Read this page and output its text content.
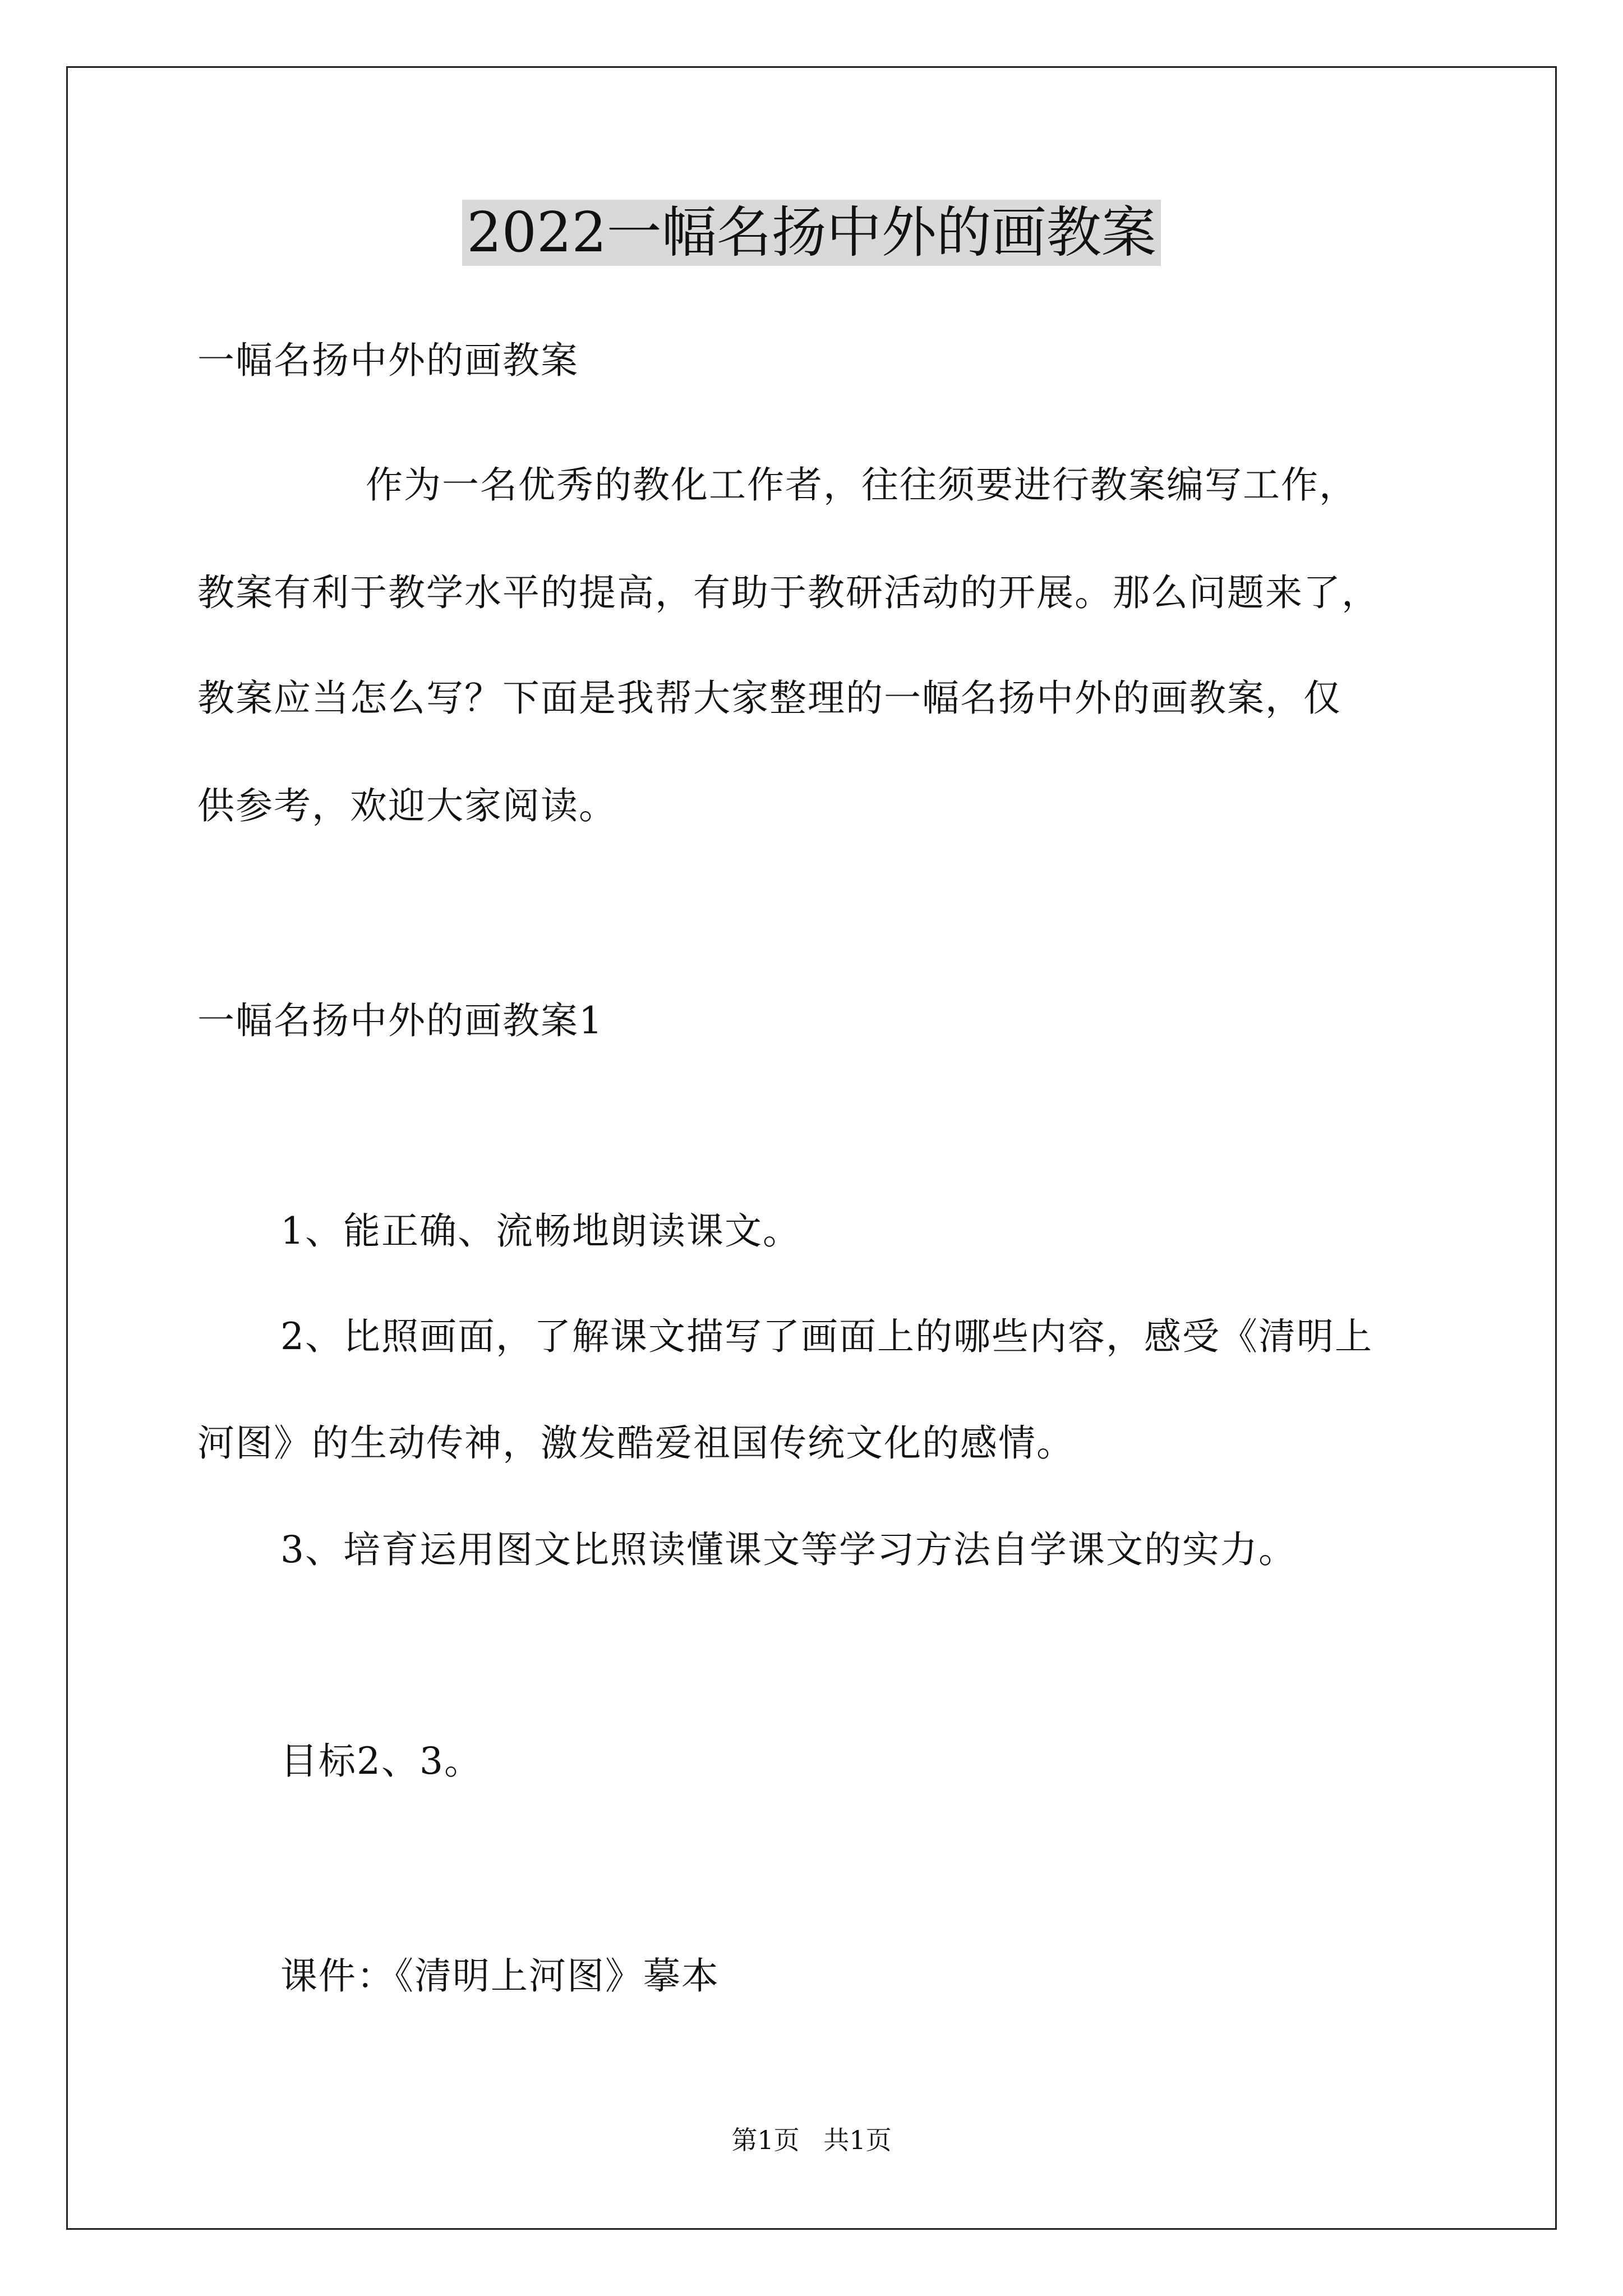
2022一幅名扬中外的画教案
一幅名扬中外的画教案
作为一名优秀的教化工作者，往往须要进行教案编写工作，
教案有利于教学水平的提高，有助于教研活动的开展。那么问题来了，
教案应当怎么写？下面是我帮大家整理的一幅名扬中外的画教案，仅
供参考，欢迎大家阅读。
一幅名扬中外的画教案1
1、能正确、流畅地朗读课文。
2、比照画面，了解课文描写了画面上的哪些内容，感受《清明上
河图》的生动传神，激发酷爱祖国传统文化的感情。
3、培育运用图文比照读懂课文等学习方法自学课文的实力。
目标2、3。
课件：《清明上河图》摹本
第1页 共1页
